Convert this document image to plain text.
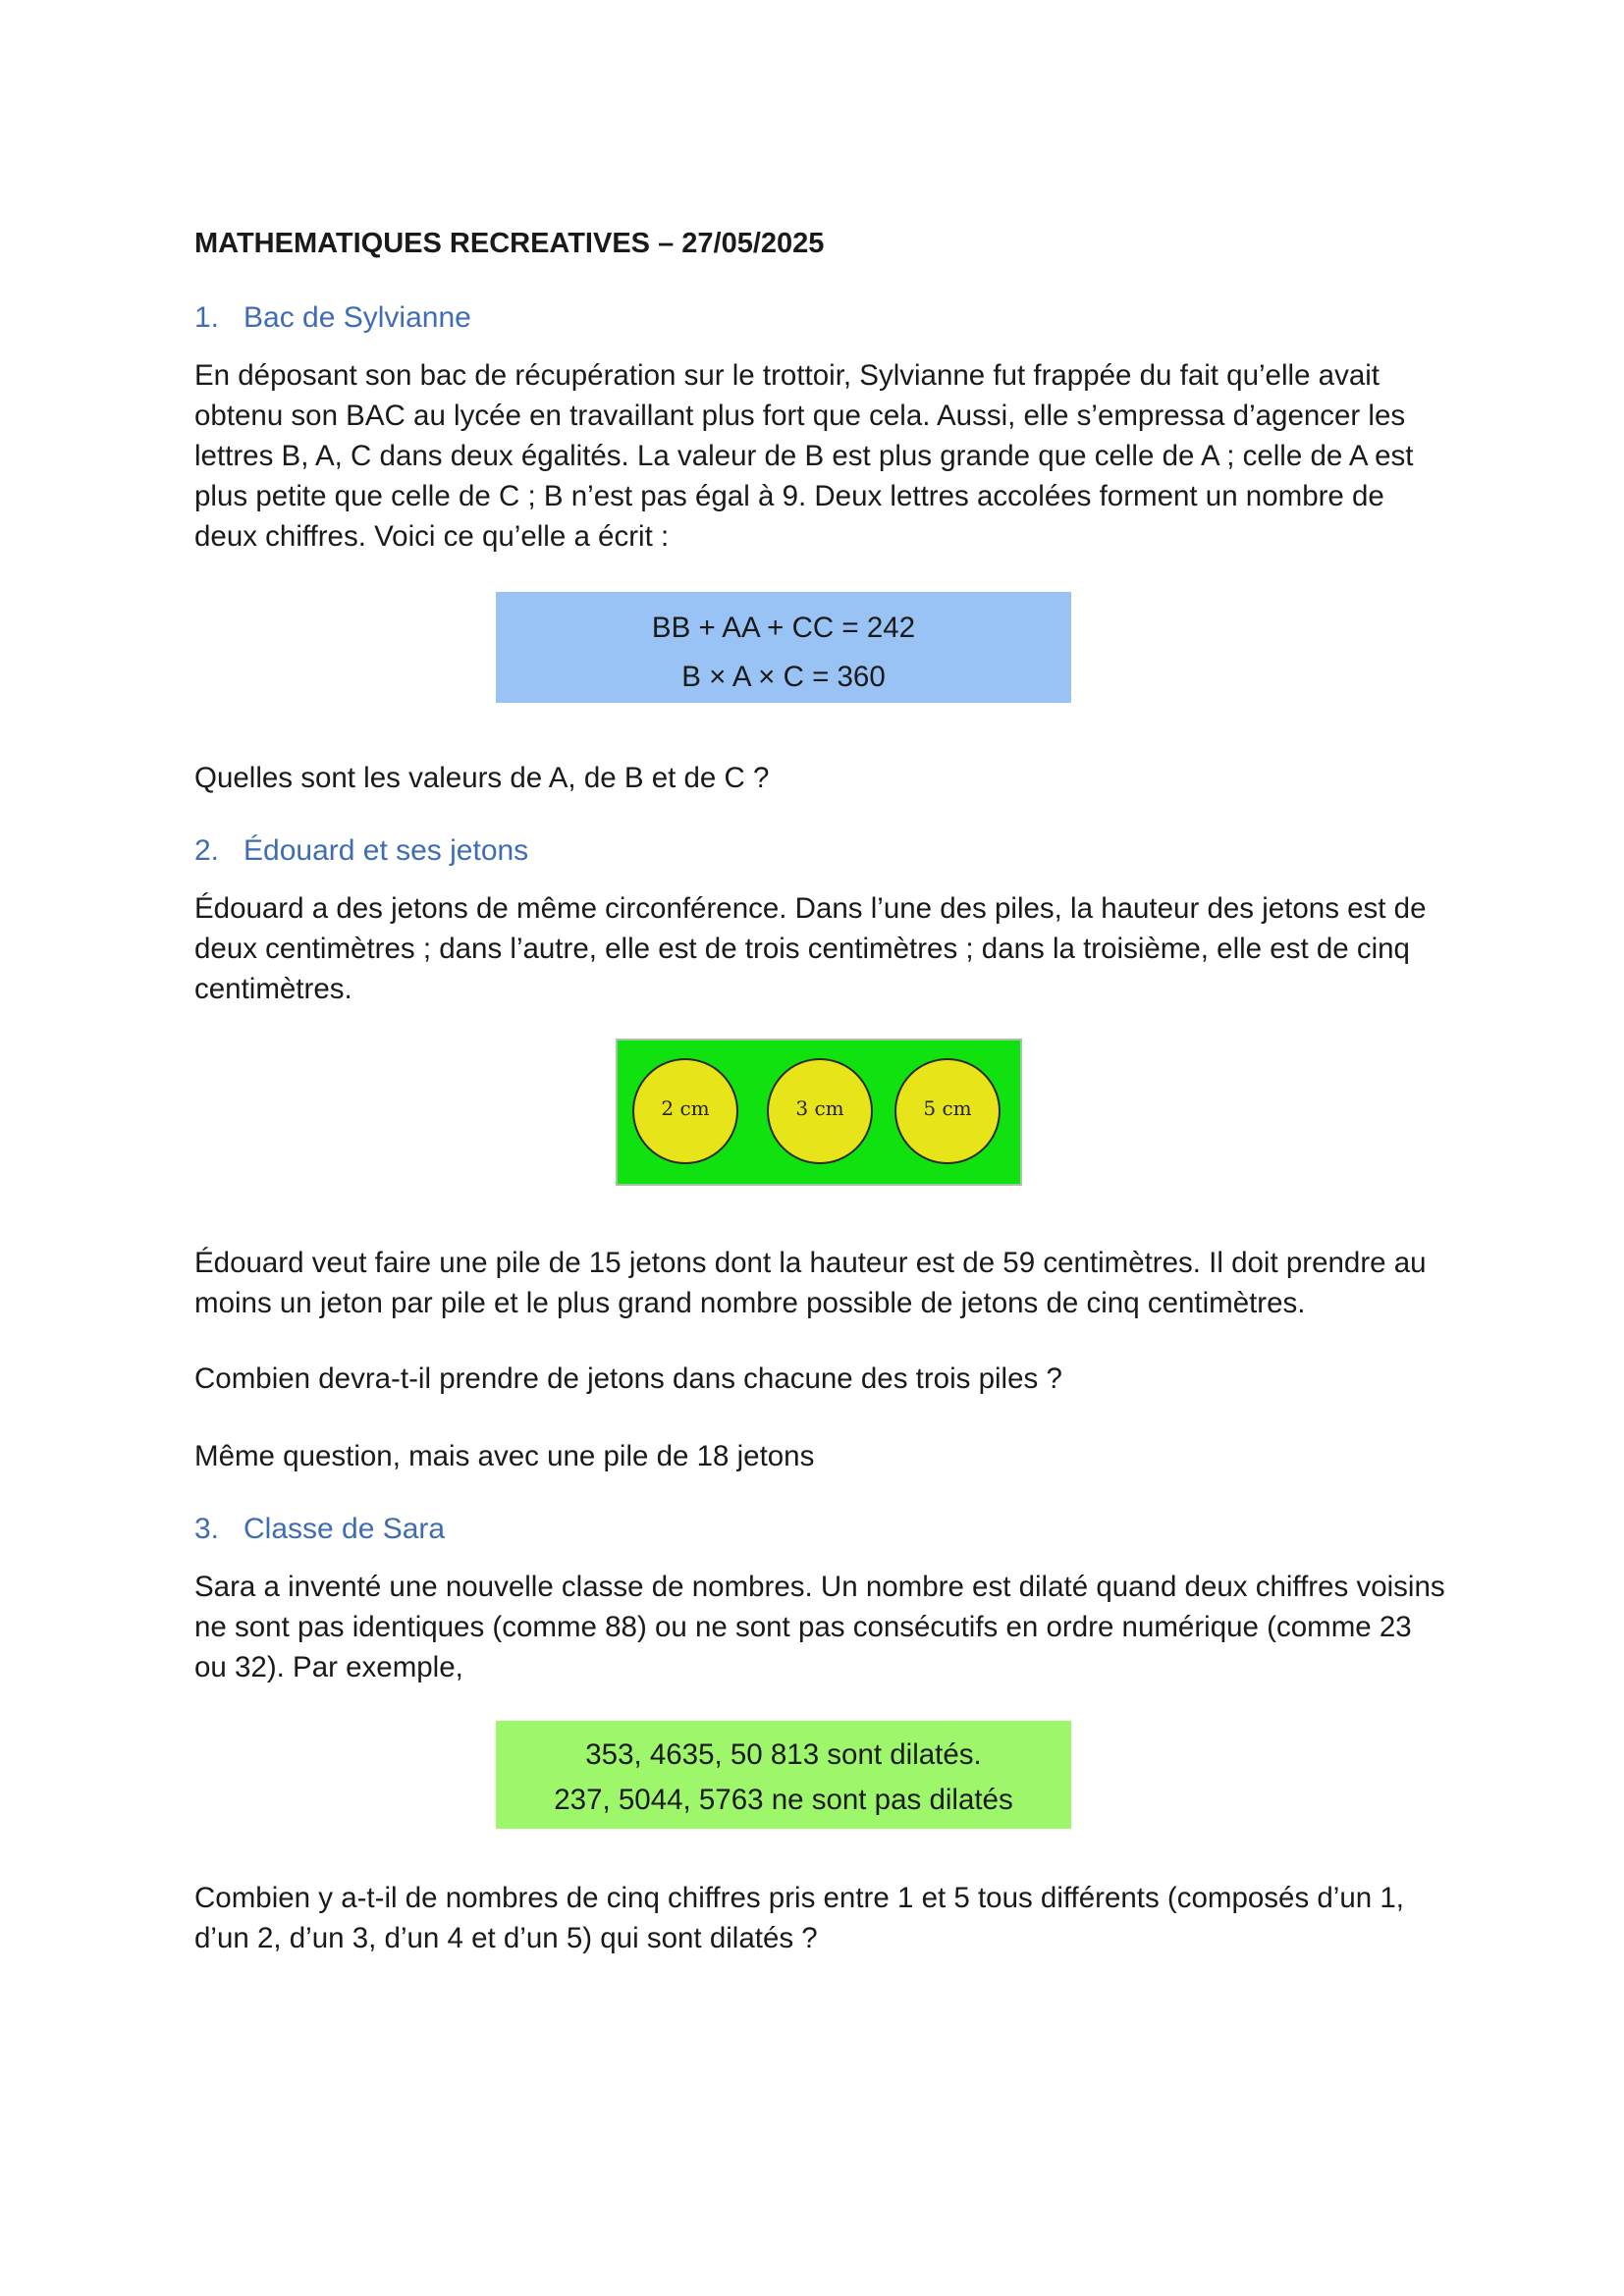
MATHEMATIQUES RECREATIVES – 27/05/2025
1. Bac de Sylvianne

En déposant son bac de récupération sur le trottoir, Sylvianne fut frappée du fait qu’elle avait obtenu son BAC au lycée en travaillant plus fort que cela. Aussi, elle s’empressa d’agencer les lettres B, A, C dans deux égalités. La valeur de B est plus grande que celle de A ; celle de A est plus petite que celle de C ; B n’est pas égal à 9. Deux lettres accolées forment un nombre de deux chiffres. Voici ce qu’elle a écrit :

BB + AA + CC = 242
B × A × C = 360

Quelles sont les valeurs de A, de B et de C ?

2. Édouard et ses jetons

Édouard a des jetons de même circonférence. Dans l’une des piles, la hauteur des jetons est de deux centimètres ; dans l’autre, elle est de trois centimètres ; dans la troisième, elle est de cinq centimètres.

2 cm	3 cm	5 cm

Édouard veut faire une pile de 15 jetons dont la hauteur est de 59 centimètres. Il doit prendre au moins un jeton par pile et le plus grand nombre possible de jetons de cinq centimètres.

Combien devra-t-il prendre de jetons dans chacune des trois piles ?

Même question, mais avec une pile de 18 jetons

3. Classe de Sara

Sara a inventé une nouvelle classe de nombres. Un nombre est dilaté quand deux chiffres voisins ne sont pas identiques (comme 88) ou ne sont pas consécutifs en ordre numérique (comme 23 ou 32). Par exemple,

353, 4635, 50 813 sont dilatés.
237, 5044, 5763 ne sont pas dilatés

Combien y a-t-il de nombres de cinq chiffres pris entre 1 et 5 tous différents (composés d’un 1, d’un 2, d’un 3, d’un 4 et d’un 5) qui sont dilatés ?
